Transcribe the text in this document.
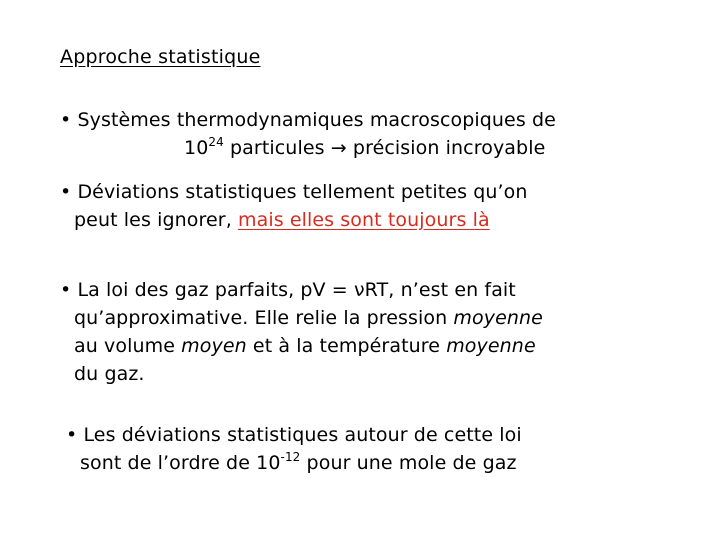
Approche statistique
• Systèmes thermodynamiques macroscopiques de
$10^{24}$ particules → précision incroyable
• Déviations statistiques tellement petites qu’on
peut les ignorer, mais elles sont toujours là
• La loi des gaz parfaits, pV = νRT, n’est en fait
qu’approximative. Elle relie la pression moyenne
au volume moyen et à la température moyenne
du gaz.
• Les déviations statistiques autour de cette loi
sont de l’ordre de $10^{-12}$ pour une mole de gaz
